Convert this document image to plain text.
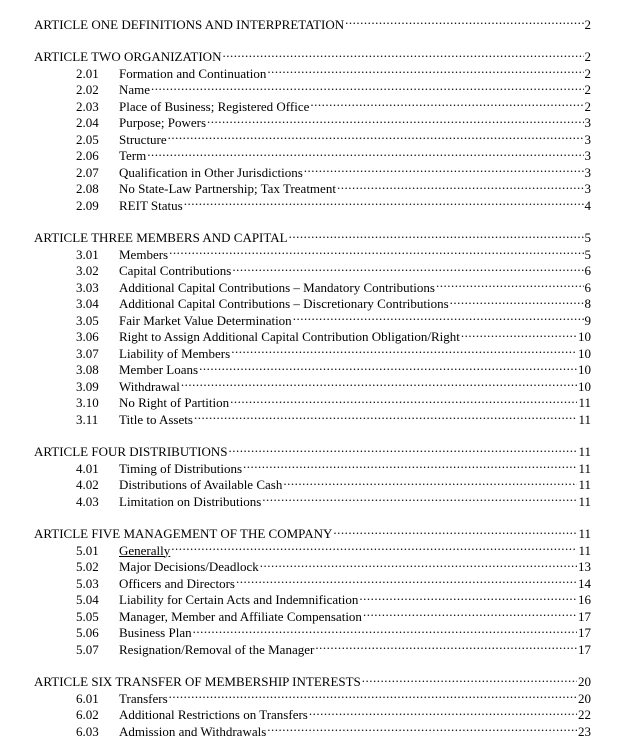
ARTICLE ONE DEFINITIONS AND INTERPRETATION .....	2
ARTICLE TWO ORGANIZATION .....	2
2.01	Formation and Continuation .....	2
2.02	Name .....	2
2.03	Place of Business; Registered Office .....	2
2.04	Purpose; Powers .....	3
2.05	Structure .....	3
2.06	Term .....	3
2.07	Qualification in Other Jurisdictions .....	3
2.08	No State-Law Partnership; Tax Treatment .....	3
2.09	REIT Status .....	4
ARTICLE THREE MEMBERS AND CAPITAL .....	5
3.01	Members .....	5
3.02	Capital Contributions .....	6
3.03	Additional Capital Contributions – Mandatory Contributions .....	6
3.04	Additional Capital Contributions – Discretionary Contributions .....	8
3.05	Fair Market Value Determination .....	9
3.06	Right to Assign Additional Capital Contribution Obligation/Right .....	10
3.07	Liability of Members .....	10
3.08	Member Loans .....	10
3.09	Withdrawal .....	10
3.10	No Right of Partition .....	11
3.11	Title to Assets .....	11
ARTICLE FOUR DISTRIBUTIONS .....	11
4.01	Timing of Distributions .....	11
4.02	Distributions of Available Cash .....	11
4.03	Limitation on Distributions .....	11
ARTICLE FIVE MANAGEMENT OF THE COMPANY .....	11
5.01	Generally .....	11
5.02	Major Decisions/Deadlock .....	13
5.03	Officers and Directors .....	14
5.04	Liability for Certain Acts and Indemnification .....	16
5.05	Manager, Member and Affiliate Compensation .....	17
5.06	Business Plan .....	17
5.07	Resignation/Removal of the Manager .....	17
ARTICLE SIX TRANSFER OF MEMBERSHIP INTERESTS .....	20
6.01	Transfers .....	20
6.02	Additional Restrictions on Transfers .....	22
6.03	Admission and Withdrawals .....	23
